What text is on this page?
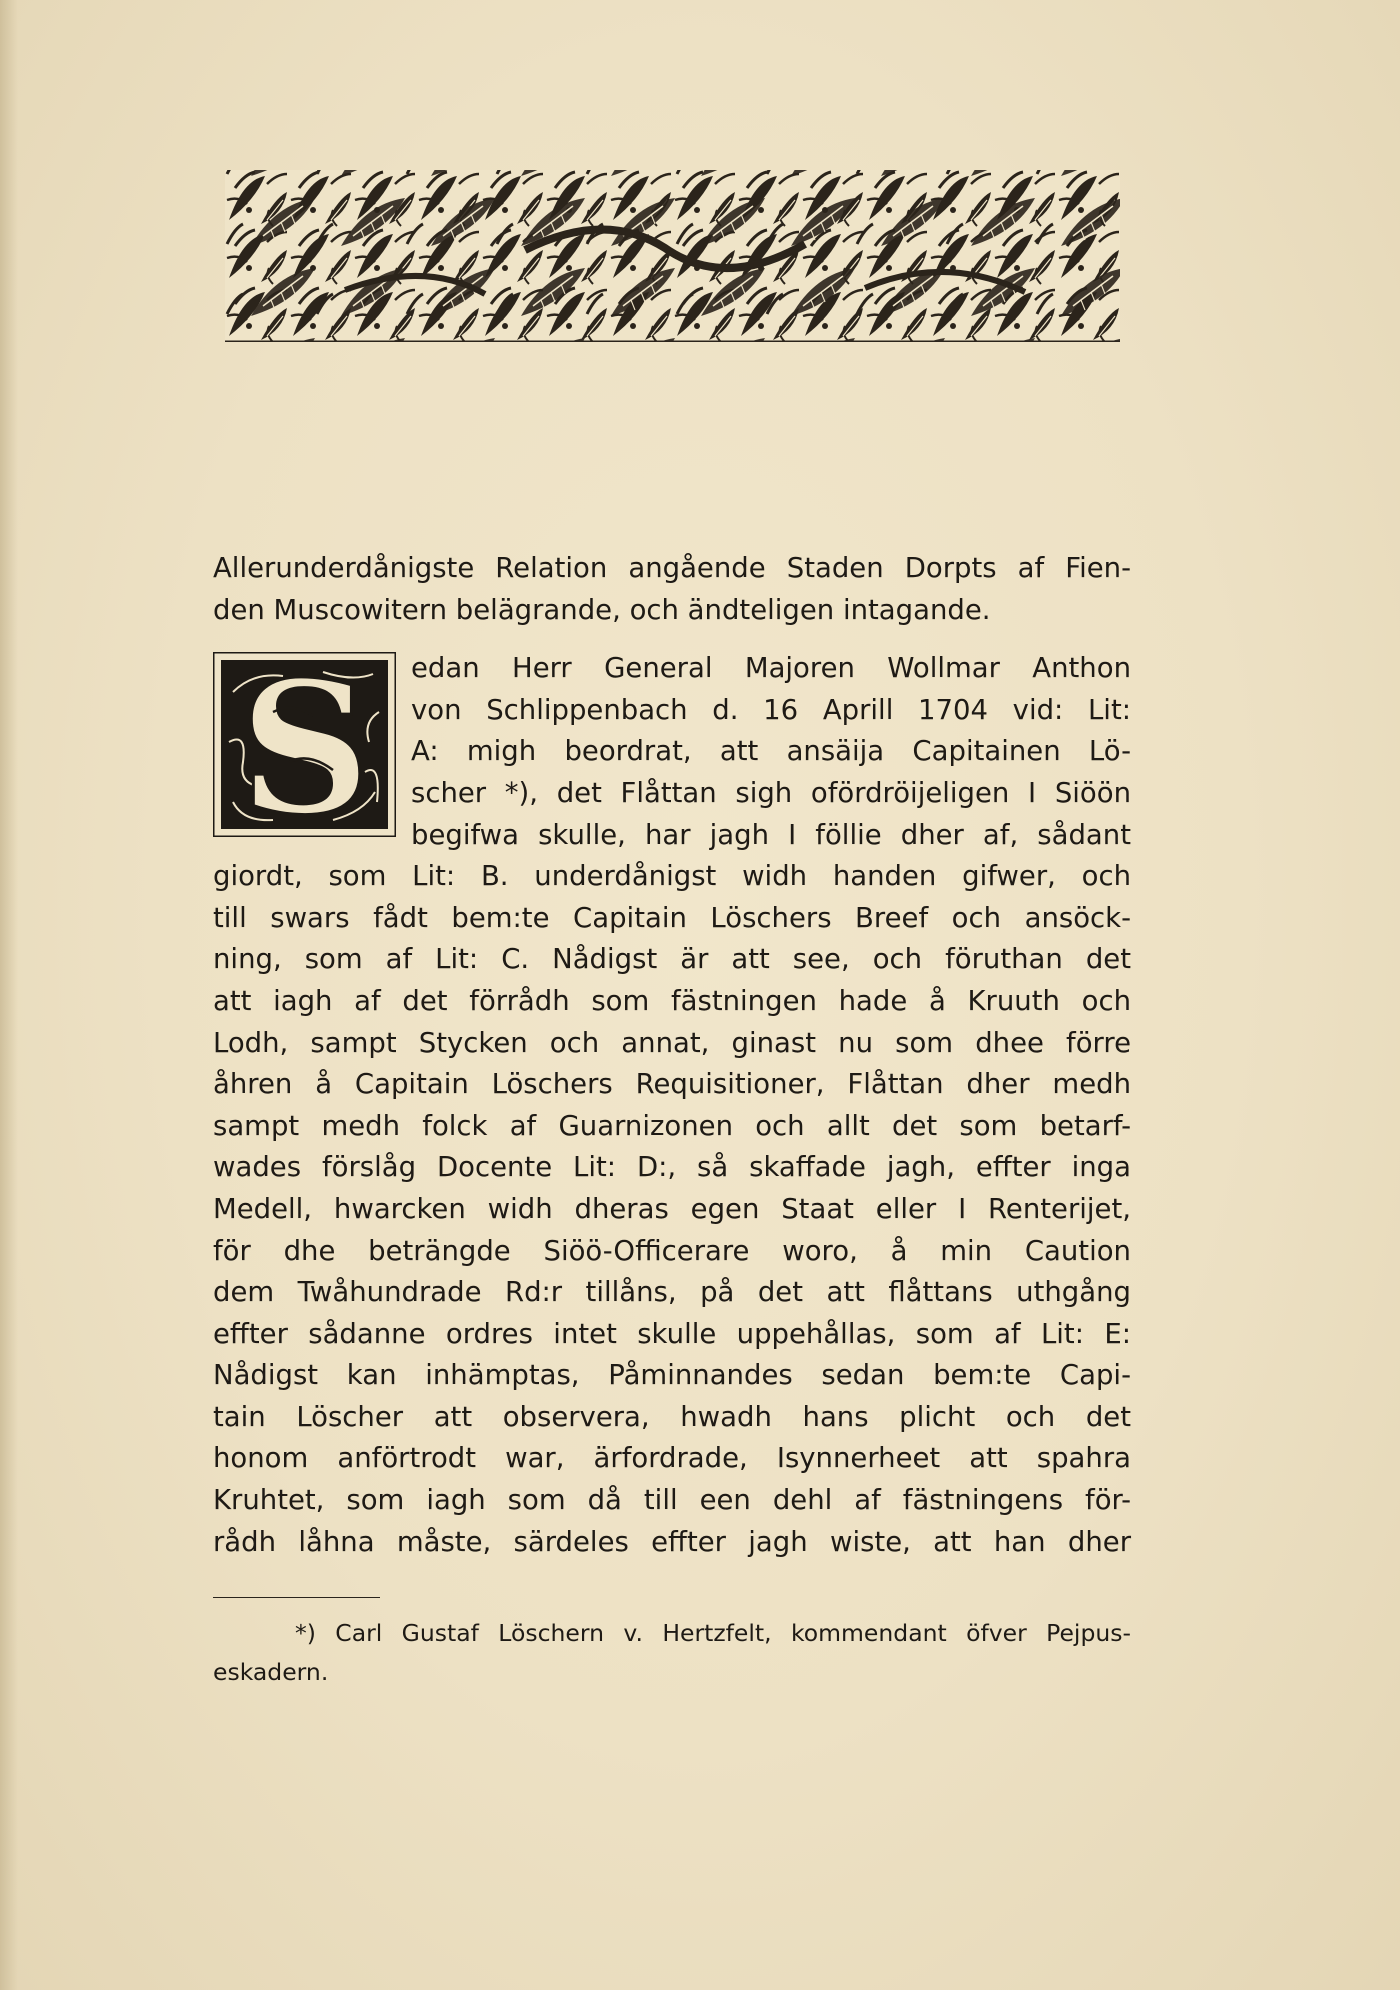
Allerunderdånigste Relation angående Staden Dorpts af Fien-
den Muscowitern belägrande, och ändteligen intagande.
S edan Herr General Majoren Wollmar Anthon
von Schlippenbach d. 16 Aprill 1704 vid: Lit:
A: migh beordrat, att ansäija Capitainen Lö-
scher *), det Flåttan sigh ofördröijeligen I Siöön
begifwa skulle, har jagh I föllie dher af, sådant
giordt, som Lit: B. underdånigst widh handen gifwer, och
till swars fådt bem:te Capitain Löschers Breef och ansöck-
ning, som af Lit: C. Nådigst är att see, och föruthan det
att iagh af det förrådh som fästningen hade å Kruuth och
Lodh, sampt Stycken och annat, ginast nu som dhee förre
åhren å Capitain Löschers Requisitioner, Flåttan dher medh
sampt medh folck af Guarnizonen och allt det som betarf-
wades förslåg Docente Lit: D:, så skaffade jagh, effter inga
Medell, hwarcken widh dheras egen Staat eller I Renterijet,
för dhe beträngde Siöö-Officerare woro, å min Caution
dem Twåhundrade Rd:r tillåns, på det att flåttans uthgång
effter sådanne ordres intet skulle uppehållas, som af Lit: E:
Nådigst kan inhämptas, Påminnandes sedan bem:te Capi-
tain Löscher att observera, hwadh hans plicht och det
honom anförtrodt war, ärfordrade, Isynnerheet att spahra
Kruhtet, som iagh som då till een dehl af fästningens för-
rådh låhna måste, särdeles effter jagh wiste, att han dher
*) Carl Gustaf Löschern v. Hertzfelt, kommendant öfver Pejpus-
eskadern.
